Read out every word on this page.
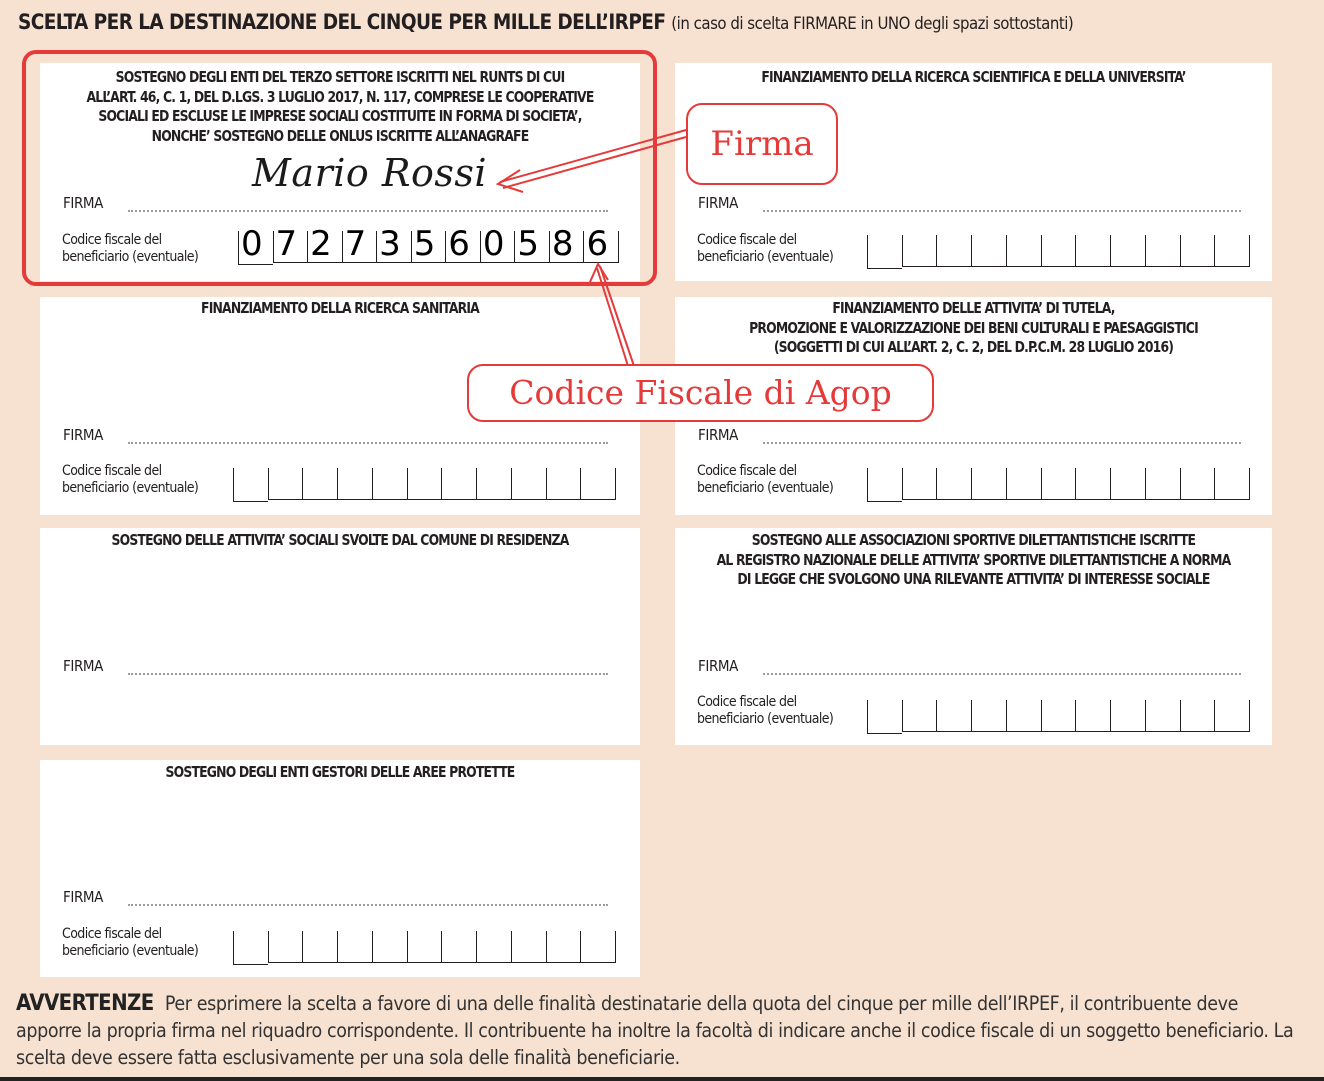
SCELTA PER LA DESTINAZIONE DEL CINQUE PER MILLE DELL’IRPEF (in caso di scelta FIRMARE in UNO degli spazi sottostanti)
SOSTEGNO DEGLI ENTI DEL TERZO SETTORE ISCRITTI NEL RUNTS DI CUI
ALL’ART. 46, C. 1, DEL D.LGS. 3 LUGLIO 2017, N. 117, COMPRESE LE COOPERATIVE
SOCIALI ED ESCLUSE LE IMPRESE SOCIALI COSTITUITE IN FORMA DI SOCIETA’,
NONCHE’ SOSTEGNO DELLE ONLUS ISCRITTE ALL’ANAGRAFE
Mario Rossi
FIRMA
Codice fiscale del
beneficiario (eventuale) 0 7 2 7 3 5 6 0 5 8 6
FINANZIAMENTO DELLA RICERCA SCIENTIFICA E DELLA UNIVERSITA’
FIRMA
Codice fiscale del
beneficiario (eventuale)
FINANZIAMENTO DELLA RICERCA SANITARIA
FIRMA
Codice fiscale del
beneficiario (eventuale)
FINANZIAMENTO DELLE ATTIVITA’ DI TUTELA,
PROMOZIONE E VALORIZZAZIONE DEI BENI CULTURALI E PAESAGGISTICI
(SOGGETTI DI CUI ALL’ART. 2, C. 2, DEL D.P.C.M. 28 LUGLIO 2016)
FIRMA
Codice fiscale del
beneficiario (eventuale)
SOSTEGNO DELLE ATTIVITA’ SOCIALI SVOLTE DAL COMUNE DI RESIDENZA
FIRMA
SOSTEGNO ALLE ASSOCIAZIONI SPORTIVE DILETTANTISTICHE ISCRITTE
AL REGISTRO NAZIONALE DELLE ATTIVITA’ SPORTIVE DILETTANTISTICHE A NORMA
DI LEGGE CHE SVOLGONO UNA RILEVANTE ATTIVITA’ DI INTERESSE SOCIALE
FIRMA
Codice fiscale del
beneficiario (eventuale)
SOSTEGNO DEGLI ENTI GESTORI DELLE AREE PROTETTE
FIRMA
Codice fiscale del
beneficiario (eventuale)
Firma
Codice Fiscale di Agop
AVVERTENZE Per esprimere la scelta a favore di una delle finalità destinatarie della quota del cinque per mille dell’IRPEF, il contribuente deve apporre la propria firma nel riquadro corrispondente. Il contribuente ha inoltre la facoltà di indicare anche il codice fiscale di un soggetto beneficiario. La scelta deve essere fatta esclusivamente per una sola delle finalità beneficiarie.
